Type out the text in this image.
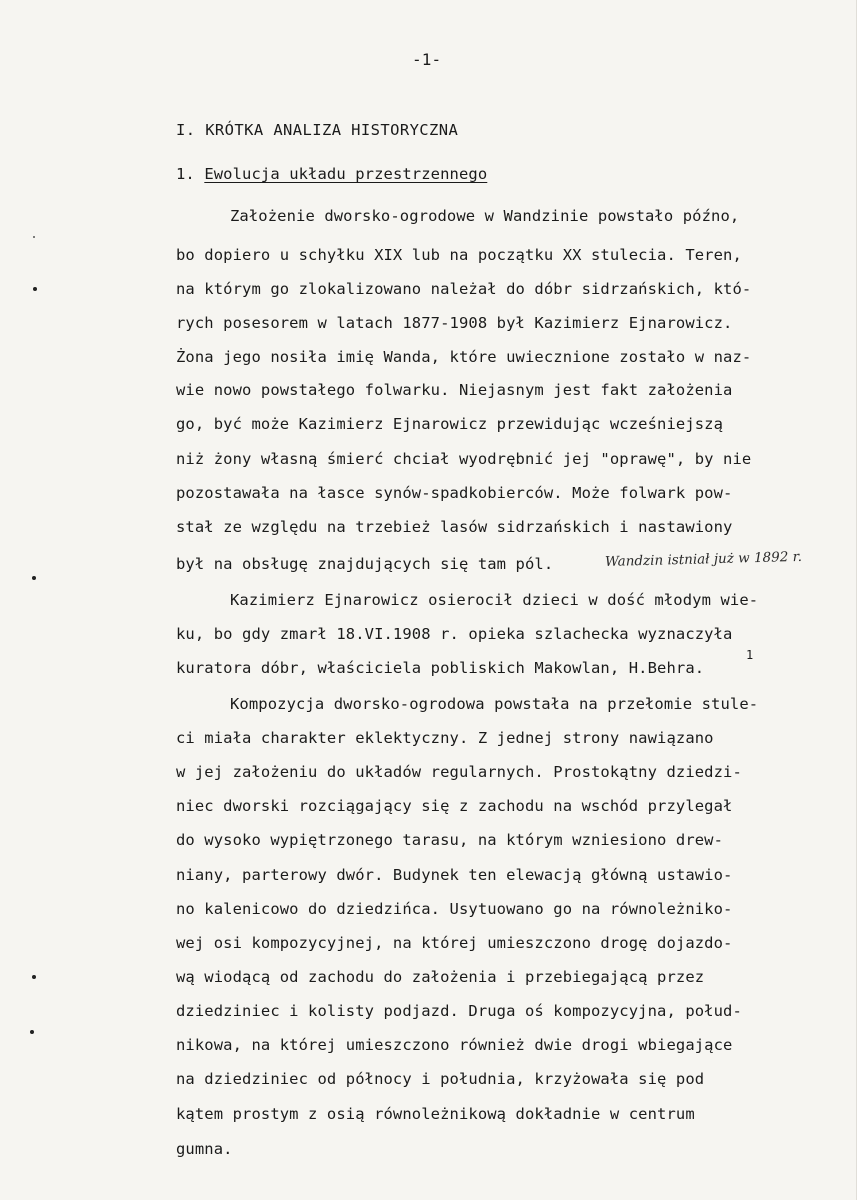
-1-
I. KRÓTKA ANALIZA HISTORYCZNA
1. Ewolucja układu przestrzennego
Założenie dworsko-ogrodowe w Wandzinie powstało późno,
bo dopiero u schyłku XIX lub na początku XX stulecia. Teren,
na którym go zlokalizowano należał do dóbr sidrzańskich, któ-
rych posesorem w latach 1877-1908 był Kazimierz Ejnarowicz.
Żona jego nosiła imię Wanda, które uwiecznione zostało w naz-
wie nowo powstałego folwarku. Niejasnym jest fakt założenia
go, być może Kazimierz Ejnarowicz przewidując wcześniejszą
niż żony własną śmierć chciał wyodrębnić jej "oprawę", by nie
pozostawała na łasce synów-spadkobierców. Może folwark pow-
stał ze względu na trzebież lasów sidrzańskich i nastawiony
był na obsługę znajdujących się tam pól.	Wandzin istniał już w 1892 r.
Kazimierz Ejnarowicz osierocił dzieci w dość młodym wie-
ku, bo gdy zmarł 18.VI.1908 r. opieka szlachecka wyznaczyła
kuratora dóbr, właściciela pobliskich Makowlan, H.Behra.
1
Kompozycja dworsko-ogrodowa powstała na przełomie stule-
ci miała charakter eklektyczny. Z jednej strony nawiązano
w jej założeniu do układów regularnych. Prostokątny dziedzi-
niec dworski rozciągający się z zachodu na wschód przylegał
do wysoko wypiętrzonego tarasu, na którym wzniesiono drew-
niany, parterowy dwór. Budynek ten elewacją główną ustawio-
no kalenicowo do dziedzińca. Usytuowano go na równoleżniko-
wej osi kompozycyjnej, na której umieszczono drogę dojazdo-
wą wiodącą od zachodu do założenia i przebiegającą przez
dziedziniec i kolisty podjazd. Druga oś kompozycyjna, połud-
nikowa, na której umieszczono również dwie drogi wbiegające
na dziedziniec od północy i południa, krzyżowała się pod
kątem prostym z osią równoleżnikową dokładnie w centrum
gumna.
